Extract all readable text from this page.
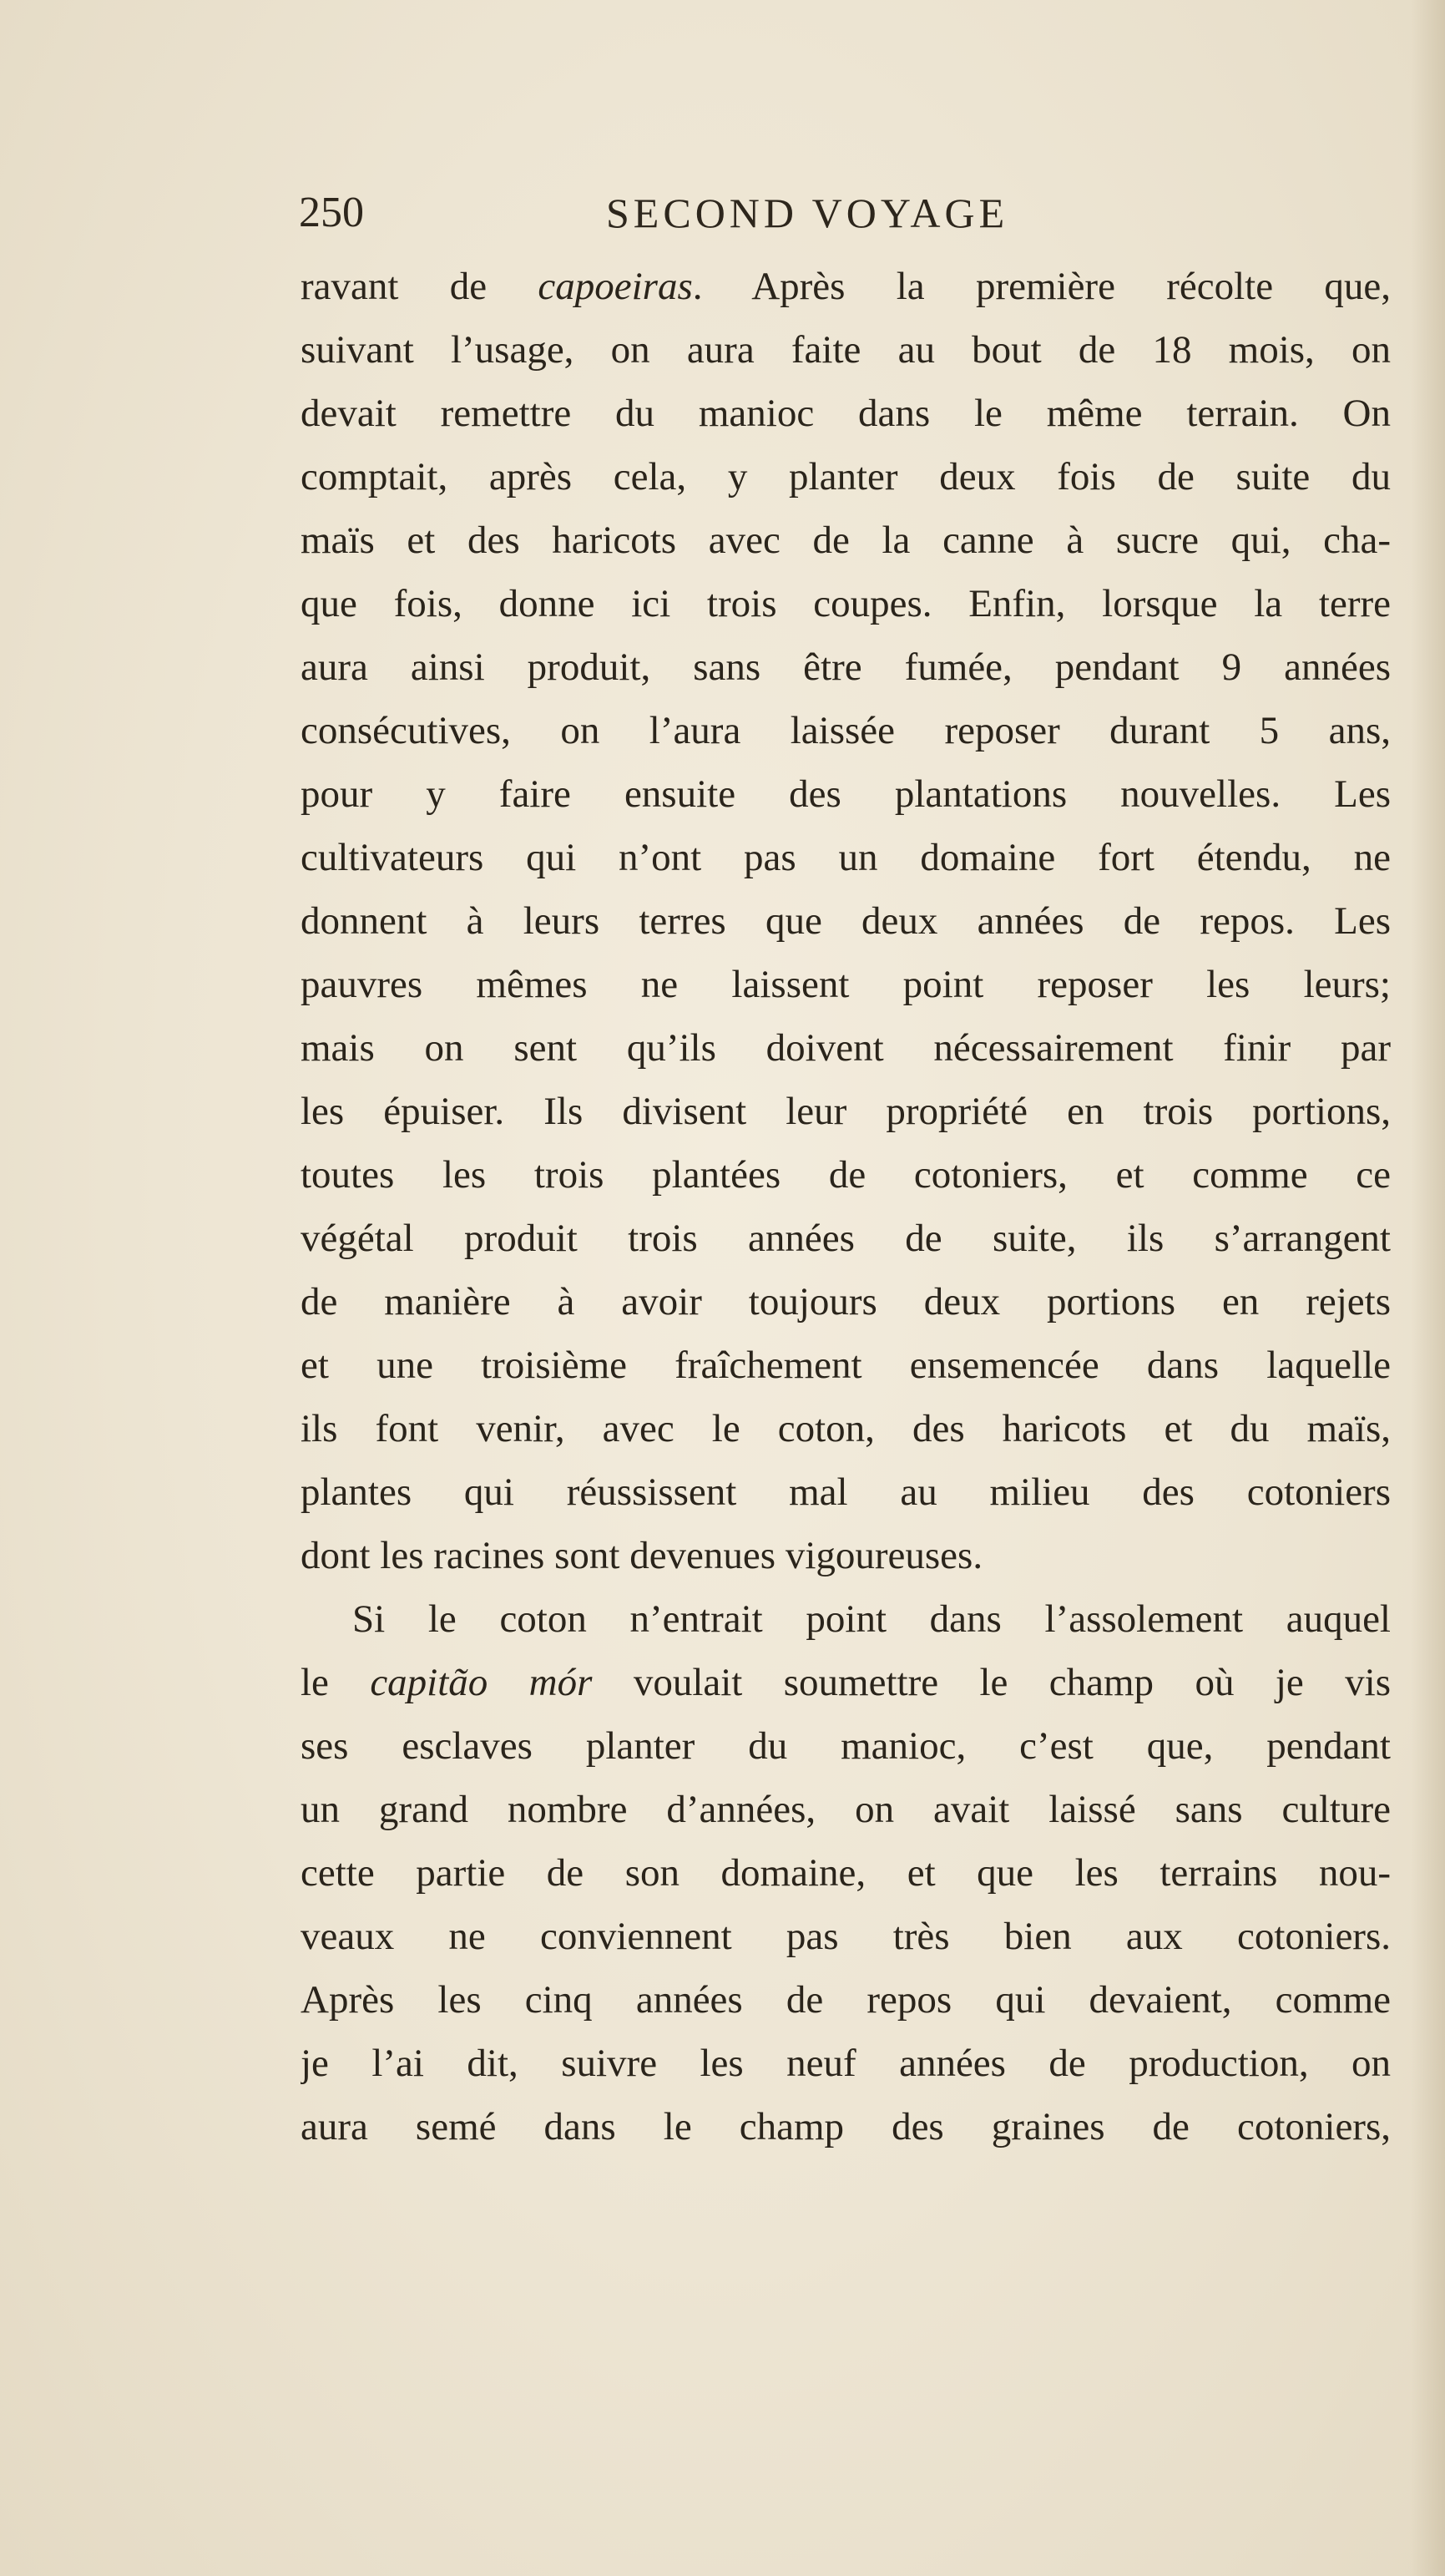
250	SECOND VOYAGE
ravant de capoeiras. Après la première récolte que,
suivant l’usage, on aura faite au bout de 18 mois, on
devait remettre du manioc dans le même terrain. On
comptait, après cela, y planter deux fois de suite du
maïs et des haricots avec de la canne à sucre qui, cha-
que fois, donne ici trois coupes. Enfin, lorsque la terre
aura ainsi produit, sans être fumée, pendant 9 années
consécutives, on l’aura laissée reposer durant 5 ans,
pour y faire ensuite des plantations nouvelles. Les
cultivateurs qui n’ont pas un domaine fort étendu, ne
donnent à leurs terres que deux années de repos. Les
pauvres mêmes ne laissent point reposer les leurs;
mais on sent qu’ils doivent nécessairement finir par
les épuiser. Ils divisent leur propriété en trois portions,
toutes les trois plantées de cotoniers, et comme ce
végétal produit trois années de suite, ils s’arrangent
de manière à avoir toujours deux portions en rejets
et une troisième fraîchement ensemencée dans laquelle
ils font venir, avec le coton, des haricots et du maïs,
plantes qui réussissent mal au milieu des cotoniers
dont les racines sont devenues vigoureuses.
Si le coton n’entrait point dans l’assolement auquel
le capitão mór voulait soumettre le champ où je vis
ses esclaves planter du manioc, c’est que, pendant
un grand nombre d’années, on avait laissé sans culture
cette partie de son domaine, et que les terrains nou-
veaux ne conviennent pas très bien aux cotoniers.
Après les cinq années de repos qui devaient, comme
je l’ai dit, suivre les neuf années de production, on
aura semé dans le champ des graines de cotoniers,
